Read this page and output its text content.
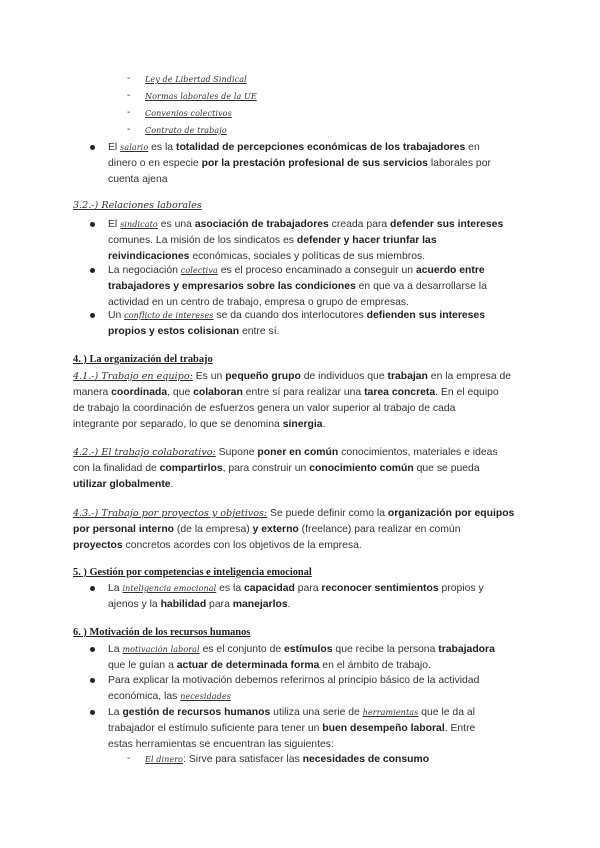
- Ley de Libertad Sindical
- Normas laborales de la UE
- Convenios colectivos
- Contrato de trabajo
El salario es la totalidad de percepciones económicas de los trabajadores en
dinero o en especie por la prestación profesional de sus servicios laborales por
cuenta ajena
3.2.-) Relaciones laborales
El sindicato es una asociación de trabajadores creada para defender sus intereses
comunes. La misión de los sindicatos es defender y hacer triunfar las
reivindicaciones económicas, sociales y políticas de sus miembros.
La negociación colectiva es el proceso encaminado a conseguir un acuerdo entre
trabajadores y empresarios sobre las condiciones en que va a desarrollarse la
actividad en un centro de trabajo, empresa o grupo de empresas.
Un conflicto de intereses se da cuando dos interlocutores defienden sus intereses
propios y estos colisionan entre sí.
4. ) La organización del trabajo
4.1.-) Trabajo en equipo: Es un pequeño grupo de individuos que trabajan en la empresa de
manera coordinada, que colaboran entre sí para realizar una tarea concreta. En el equipo
de trabajo la coordinación de esfuerzos genera un valor superior al trabajo de cada
integrante por separado, lo que se denomina sinergia.
4.2.-) El trabajo colaborativo: Supone poner en común conocimientos, materiales e ideas
con la finalidad de compartirlos, para construir un conocimiento común que se pueda
utilizar globalmente.
4.3.-) Trabajo por proyectos y objetivos: Se puede definir como la organización por equipos
por personal interno (de la empresa) y externo (freelance) para realizar en común
proyectos concretos acordes con los objetivos de la empresa.
5. ) Gestión por competencias e inteligencia emocional
La inteligencia emocional es la capacidad para reconocer sentimientos propios y
ajenos y la habilidad para manejarlos.
6. ) Motivación de los recursos humanos
La motivación laboral es el conjunto de estímulos que recibe la persona trabajadora
que le guían a actuar de determinada forma en el ámbito de trabajo.
Para explicar la motivación debemos referirnos al principio básico de la actividad
económica, las necesidades
La gestión de recursos humanos utiliza una serie de herramientas que le da al
trabajador el estímulo suficiente para tener un buen desempeño laboral. Entre
estas herramientas se encuentran las siguientes:
- El dinero: Sirve para satisfacer las necesidades de consumo
